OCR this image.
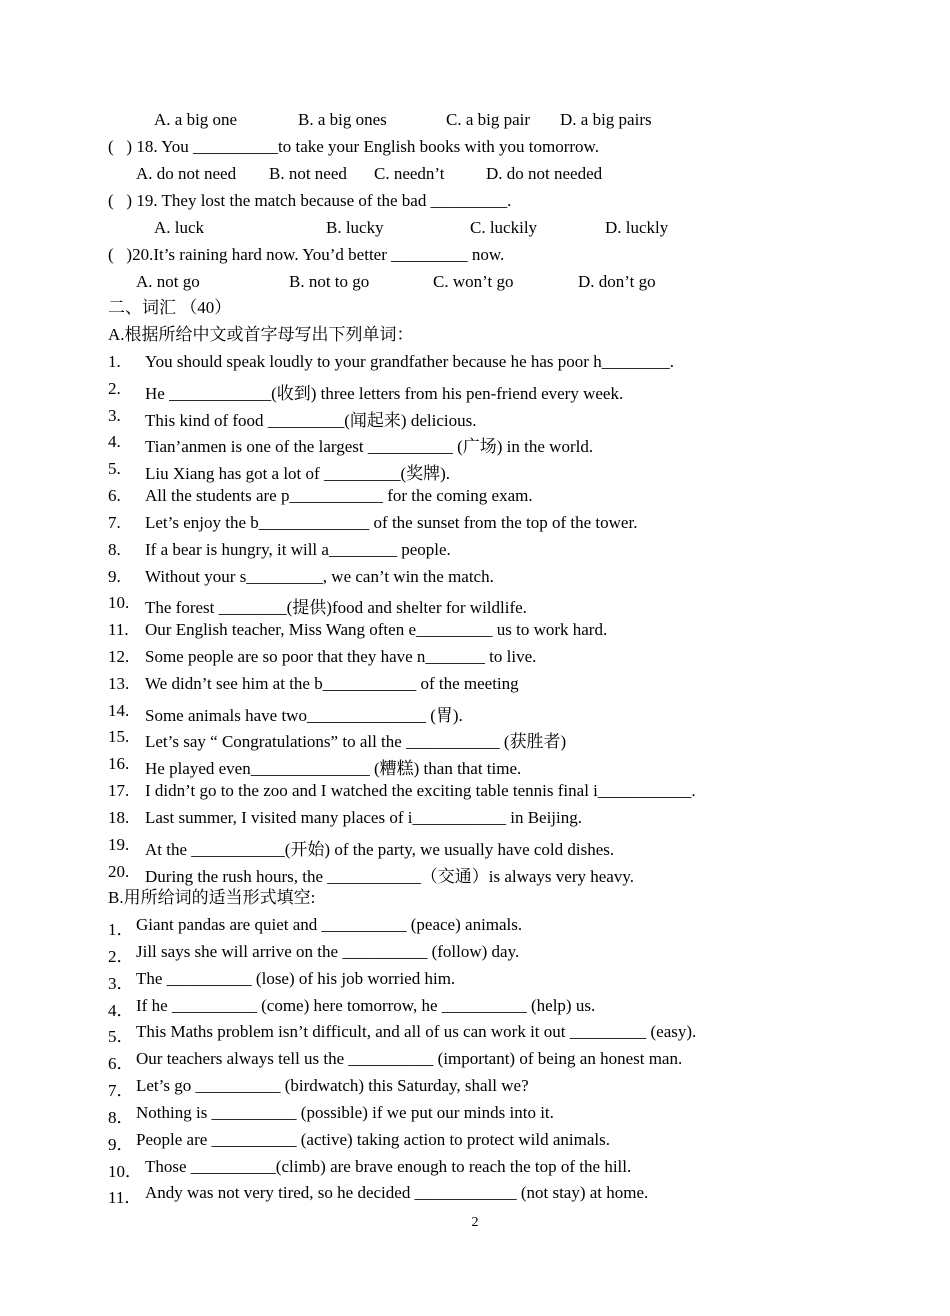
A. a big one	B. a big ones	C. a big pair D. a big pairs
(   ) 18. You __________to take your English books with you tomorrow.
A. do not need B. not need C. needn’t D. do not needed
(   ) 19. They lost the match because of the bad _________.
A. luck	B. lucky	C. luckily	D. luckly
(   )20.It’s raining hard now. You’d better _________ now.
A. not go	B. not to go	C. won’t go	D. don’t go
二、词汇 （40）
A.根据所给中文或首字母写出下列单词：
1. You should speak loudly to your grandfather because he has poor h________.
2. He ____________(收到) three letters from his pen-friend every week.
3. This kind of food _________(闻起来) delicious.
4. Tian’anmen is one of the largest __________ (广场) in the world.
5. Liu Xiang has got a lot of _________(奖牌).
6. All the students are p___________ for the coming exam.
7. Let’s enjoy the b_____________ of the sunset from the top of the tower.
8. If a bear is hungry, it will a________ people.
9. Without your s_________, we can’t win the match.
10. The forest ________(提供)food and shelter for wildlife.
11. Our English teacher, Miss Wang often e_________ us to work hard.
12. Some people are so poor that they have n_______ to live.
13. We didn’t see him at the b___________ of the meeting
14. Some animals have two______________ (胃).
15. Let’s say “ Congratulations” to all the ___________ (获胜者)
16. He played even______________ (糟糕) than that time.
17. I didn’t go to the zoo and I watched the exciting table tennis final i___________.
18. Last summer, I visited many places of i___________ in Beijing.
19. At the ___________(开始) of the party, we usually have cold dishes.
20. During the rush hours, the ___________（交通）is always very heavy.
B.用所给词的适当形式填空:
1． Giant pandas are quiet and __________ (peace) animals.
2． Jill says she will arrive on the __________ (follow) day.
3． The __________ (lose) of his job worried him.
4． If he __________ (come) here tomorrow, he __________ (help) us.
5． This Maths problem isn’t difficult, and all of us can work it out _________ (easy).
6． Our teachers always tell us the __________ (important) of being an honest man.
7． Let’s go __________ (birdwatch) this Saturday, shall we?
8． Nothing is __________ (possible) if we put our minds into it.
9． People are __________ (active) taking action to protect wild animals.
10． Those __________(climb) are brave enough to reach the top of the hill.
11． Andy was not very tired, so he decided ____________ (not stay) at home.
2
